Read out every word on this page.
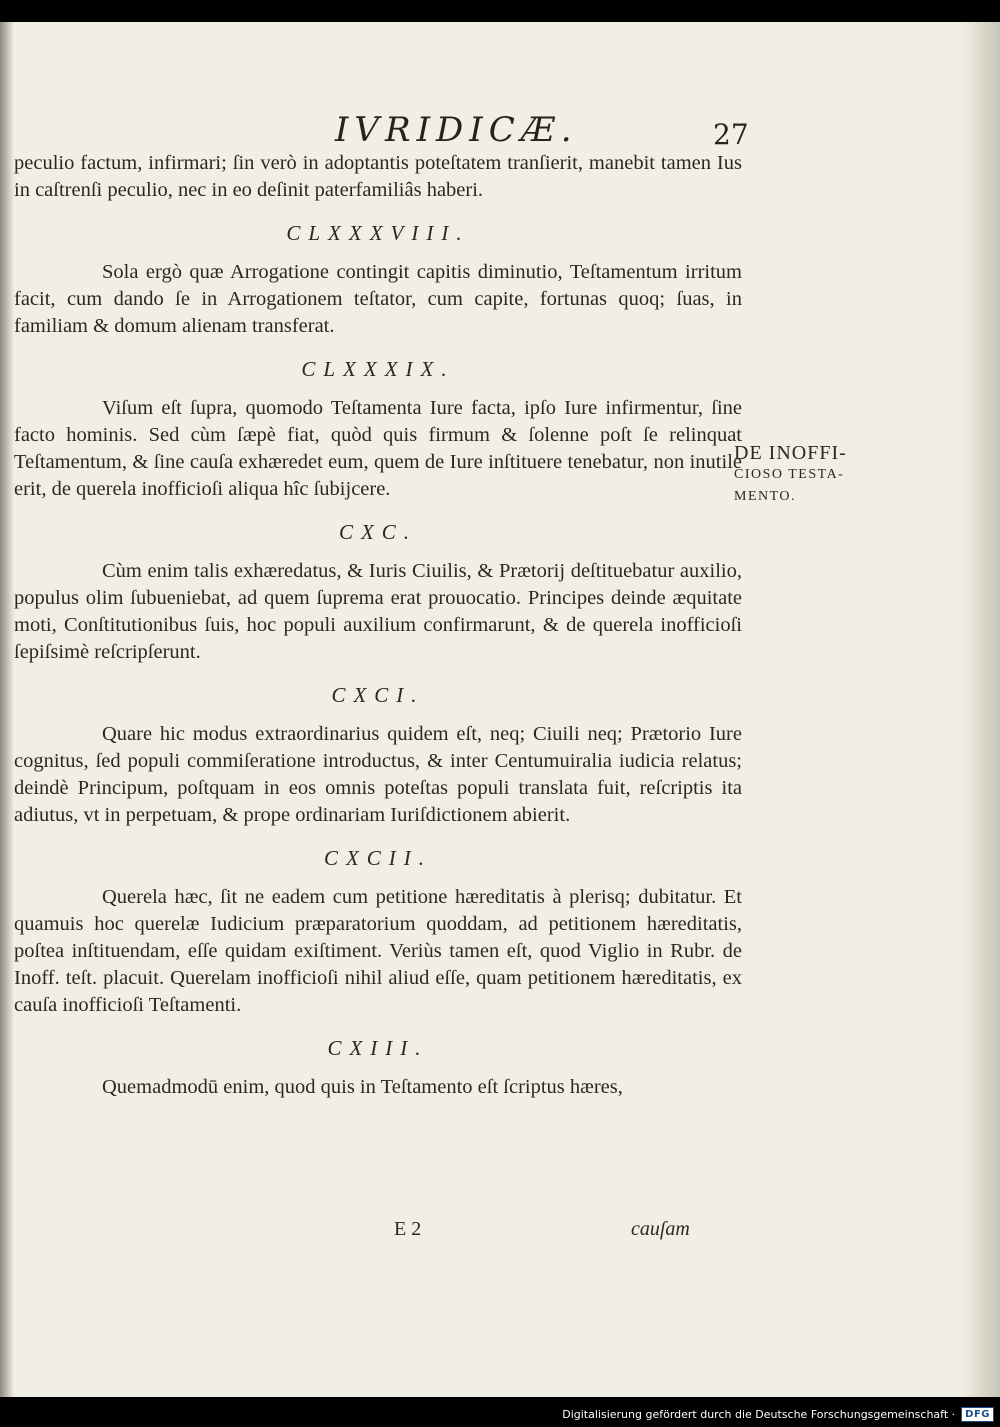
IVRIDICÆ.	27

peculio factum, infirmari; ſin verò in adoptantis poteſtatem tranſierit, manebit tamen Ius in caſtrenſi peculio, nec in eo deſinit paterfamiliâs haberi.

CLXXXVIII.

Sola ergò quæ Arrogatione contingit capitis diminutio, Teſtamentum irritum facit, cum dando ſe in Arrogationem teſtator, cum capite, fortunas quoq; ſuas, in familiam & domum alienam transferat.

CLXXXIX.

Viſum eſt ſupra, quomodo Teſtamenta Iure facta, ipſo Iure infirmentur, ſine facto hominis. Sed cùm ſæpè fiat, quòd quis firmum & ſolenne poſt ſe relinquat Teſtamentum, & ſine cauſa exhæredet eum, quem de Iure inſtituere tenebatur, non inutile erit, de querela inofficioſi aliqua hîc ſubijcere.

CXC.

Cùm enim talis exhæredatus, & Iuris Ciuilis, & Prætorij deſtituebatur auxilio, populus olim ſubueniebat, ad quem ſuprema erat prouocatio. Principes deinde æquitate moti, Conſtitutionibus ſuis, hoc populi auxilium confirmarunt, & de querela inofficioſi ſepiſsimè reſcripſerunt.

CXCI.

Quare hic modus extraordinarius quidem eſt, neq; Ciuili neq; Prætorio Iure cognitus, ſed populi commiſeratione introductus, & inter Centumuiralia iudicia relatus; deindè Principum, poſtquam in eos omnis poteſtas populi translata fuit, reſcriptis ita adiutus, vt in perpetuam, & prope ordinariam Iuriſdictionem abierit.

CXCII.

Querela hæc, ſit ne eadem cum petitione hæreditatis à plerisq; dubitatur. Et quamuis hoc querelæ Iudicium præparatorium quoddam, ad petitionem hæreditatis, poſtea inſtituendam, eſſe quidam exiſtiment. Veriùs tamen eſt, quod Viglio in Rubr. de Inoff. teſt. placuit. Querelam inofficioſi nihil aliud eſſe, quam petitionem hæreditatis, ex cauſa inofficioſi Teſtamenti.

CXIII.

Quemadmodū enim, quod quis in Teſtamento eſt ſcriptus hæres,

DE INOFFI-
CIOSO TESTA-
MENTO.
E 2	cauſam
Digitalisierung gefördert durch die Deutsche Forschungsgemeinschaft ·	DFG
